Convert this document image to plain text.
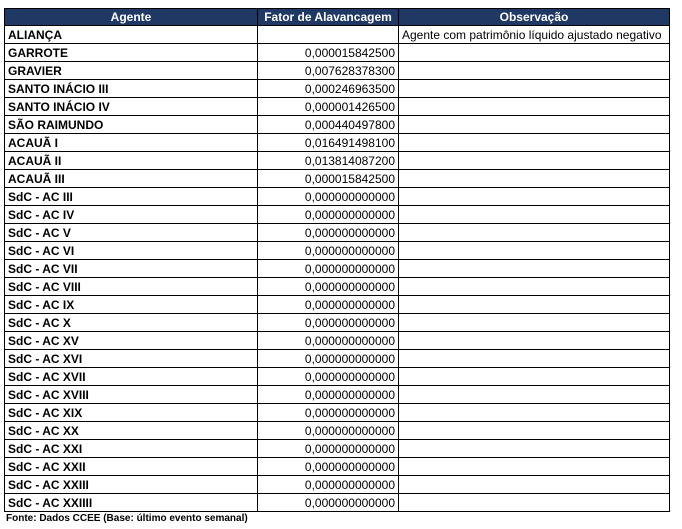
Agente	Fator de Alavancagem	Observação
ALIANÇA		Agente com patrimônio líquido ajustado negativo
GARROTE	0,000015842500	
GRAVIER	0,007628378300	
SANTO INÁCIO III	0,000246963500	
SANTO INÁCIO IV	0,000001426500	
SÃO RAIMUNDO	0,000440497800	
ACAUÃ I	0,016491498100	
ACAUÃ II	0,013814087200	
ACAUÃ III	0,000015842500	
SdC - AC III	0,000000000000	
SdC - AC IV	0,000000000000	
SdC - AC V	0,000000000000	
SdC - AC VI	0,000000000000	
SdC - AC VII	0,000000000000	
SdC - AC VIII	0,000000000000	
SdC - AC IX	0,000000000000	
SdC - AC X	0,000000000000	
SdC - AC XV	0,000000000000	
SdC - AC XVI	0,000000000000	
SdC - AC XVII	0,000000000000	
SdC - AC XVIII	0,000000000000	
SdC - AC XIX	0,000000000000	
SdC - AC XX	0,000000000000	
SdC - AC XXI	0,000000000000	
SdC - AC XXII	0,000000000000	
SdC - AC XXIII	0,000000000000	
SdC - AC XXIIII	0,000000000000	
Fonte: Dados CCEE (Base: último evento semanal)
